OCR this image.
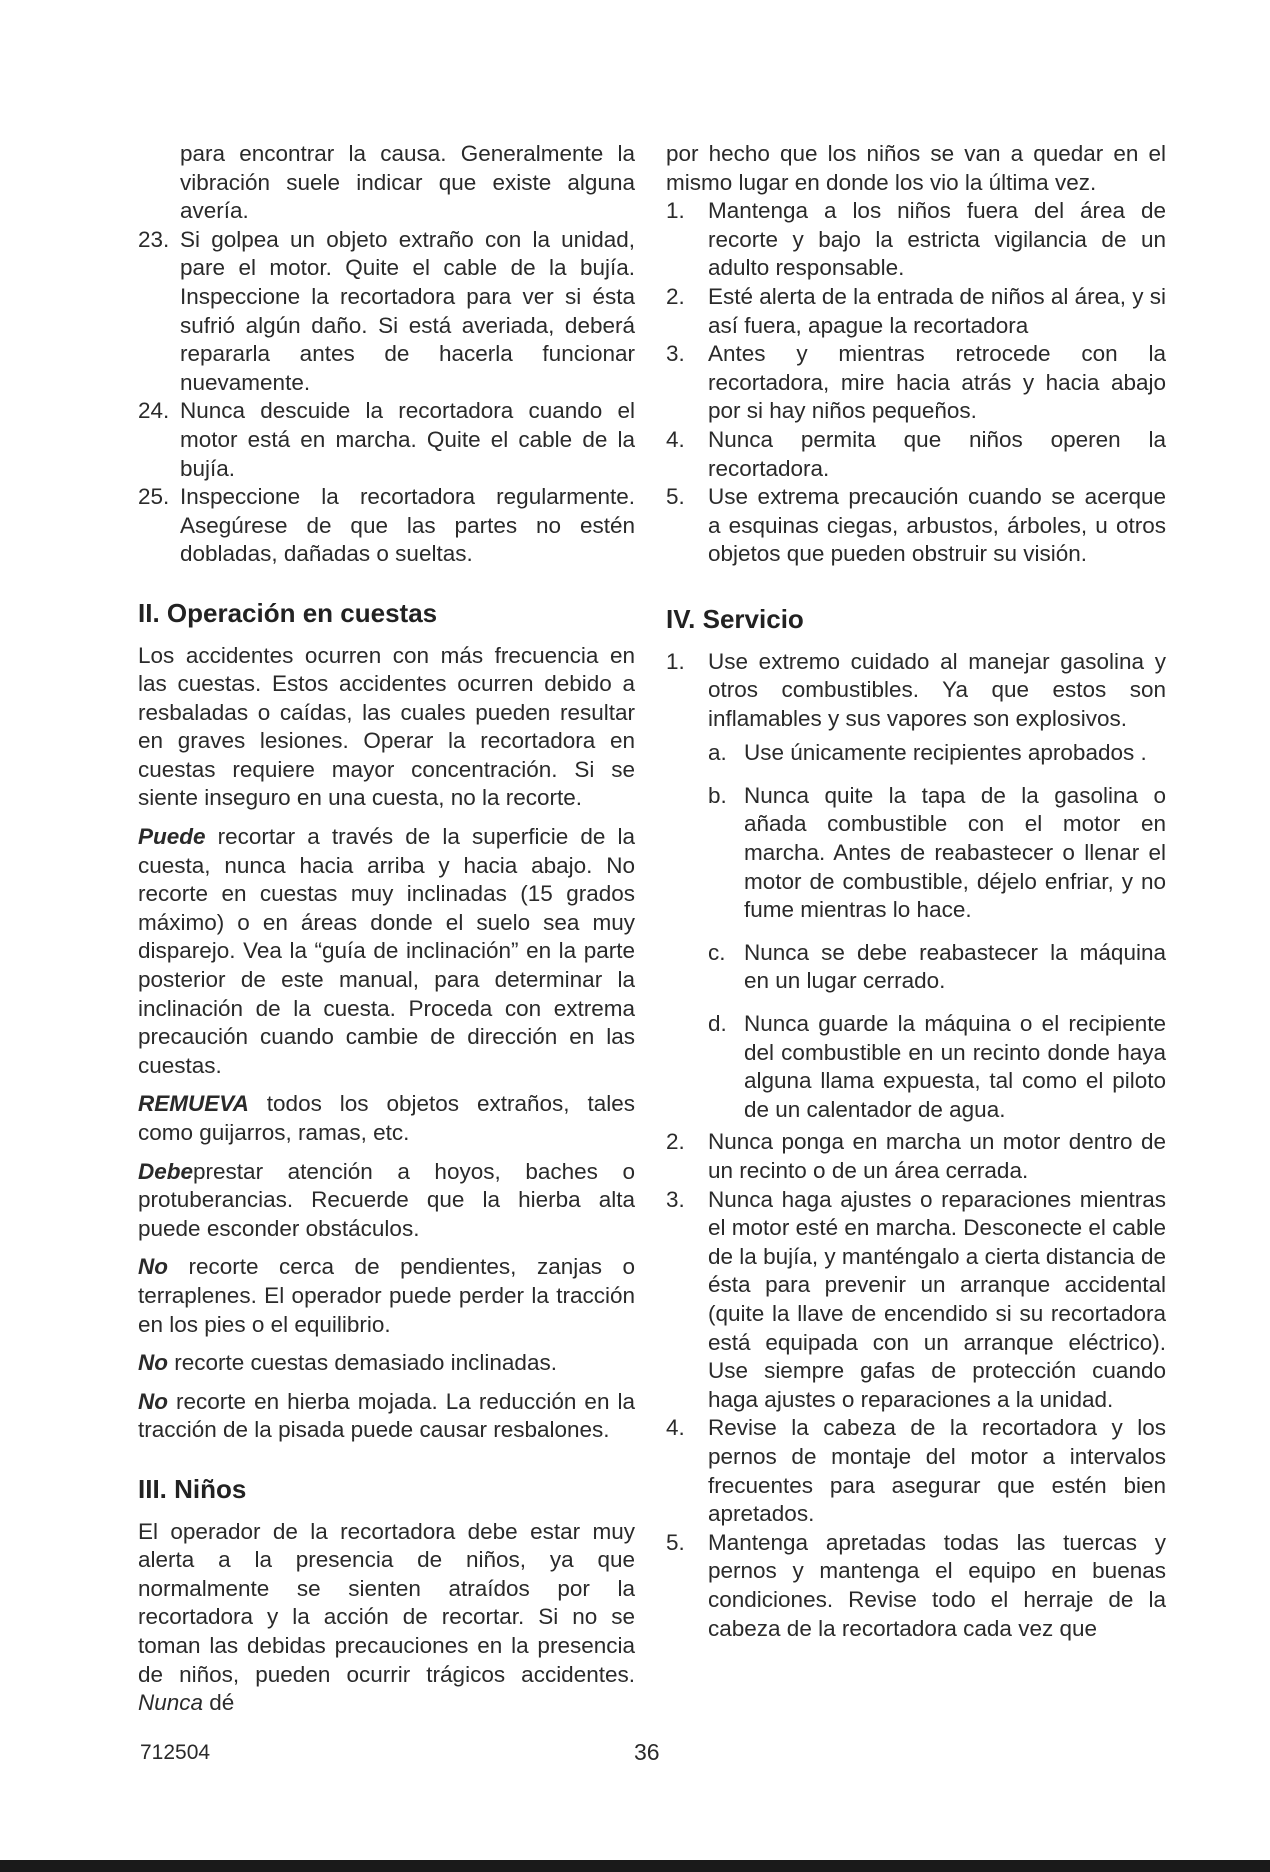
para encontrar la causa. Generalmente la vibración suele indicar que existe alguna avería.

23. Si golpea un objeto extraño con la unidad, pare el motor. Quite el cable de la bujía. Inspeccione la recortadora para ver si ésta sufrió algún daño. Si está averiada, deberá repararla antes de hacerla funcionar nuevamente.
24. Nunca descuide la recortadora cuando el motor está en marcha. Quite el cable de la bujía.
25. Inspeccione la recortadora regularmente. Asegúrese de que las partes no estén dobladas, dañadas o sueltas.
II. Operación en cuestas

Los accidentes ocurren con más frecuencia en las cuestas. Estos accidentes ocurren debido a resbaladas o caídas, las cuales pueden resultar en graves lesiones. Operar la recortadora en cuestas requiere mayor concentración. Si se siente inseguro en una cuesta, no la recorte.

Puede recortar a través de la superficie de la cuesta, nunca hacia arriba y hacia abajo. No recorte en cuestas muy inclinadas (15 grados máximo) o en áreas donde el suelo sea muy disparejo. Vea la “guía de inclinación” en la parte posterior de este manual, para determinar la inclinación de la cuesta. Proceda con extrema precaución cuando cambie de dirección en las cuestas.

REMUEVA todos los objetos extraños, tales como guijarros, ramas, etc.

Debeprestar atención a hoyos, baches o protuberancias. Recuerde que la hierba alta puede esconder obstáculos.

No recorte cerca de pendientes, zanjas o terraplenes. El operador puede perder la tracción en los pies o el equilibrio.

No recorte cuestas demasiado inclinadas.

No recorte en hierba mojada. La reducción en la tracción de la pisada puede causar resbalones.

III. Niños

El operador de la recortadora debe estar muy alerta a la presencia de niños, ya que normalmente se sienten atraídos por la recortadora y la acción de recortar. Si no se toman las debidas precauciones en la presencia de niños, pueden ocurrir trágicos accidentes. Nunca dé

por hecho que los niños se van a quedar en el mismo lugar en donde los vio la última vez.

1. Mantenga a los niños fuera del área de recorte y bajo la estricta vigilancia de un adulto responsable.
2. Esté alerta de la entrada de niños al área, y si así fuera, apague la recortadora
3. Antes y mientras retrocede con la recortadora, mire hacia atrás y hacia abajo por si hay niños pequeños.
4. Nunca permita que niños operen la recortadora.
5. Use extrema precaución cuando se acerque a esquinas ciegas, arbustos, árboles, u otros objetos que pueden obstruir su visión.
IV. Servicio
1. Use extremo cuidado al manejar gasolina y otros combustibles. Ya que estos son inflamables y sus vapores son explosivos.
a. Use únicamente recipientes aprobados .
b. Nunca quite la tapa de la gasolina o añada combustible con el motor en marcha. Antes de reabastecer o llenar el motor de combustible, déjelo enfriar, y no fume mientras lo hace.
c. Nunca se debe reabastecer la máquina en un lugar cerrado.
d. Nunca guarde la máquina o el recipiente del combustible en un recinto donde haya alguna llama expuesta, tal como el piloto de un calentador de agua.
2. Nunca ponga en marcha un motor dentro de un recinto o de un área cerrada.
3. Nunca haga ajustes o reparaciones mientras el motor esté en marcha. Desconecte el cable de la bujía, y manténgalo a cierta distancia de ésta para prevenir un arranque accidental (quite la llave de encendido si su recortadora está equipada con un arranque eléctrico). Use siempre gafas de protección cuando haga ajustes o reparaciones a la unidad.
4. Revise la cabeza de la recortadora y los pernos de montaje del motor a intervalos frecuentes para asegurar que estén bien apretados.
5. Mantenga apretadas todas las tuercas y pernos y mantenga el equipo en buenas condiciones. Revise todo el herraje de la cabeza de la recortadora cada vez que
712504	36
